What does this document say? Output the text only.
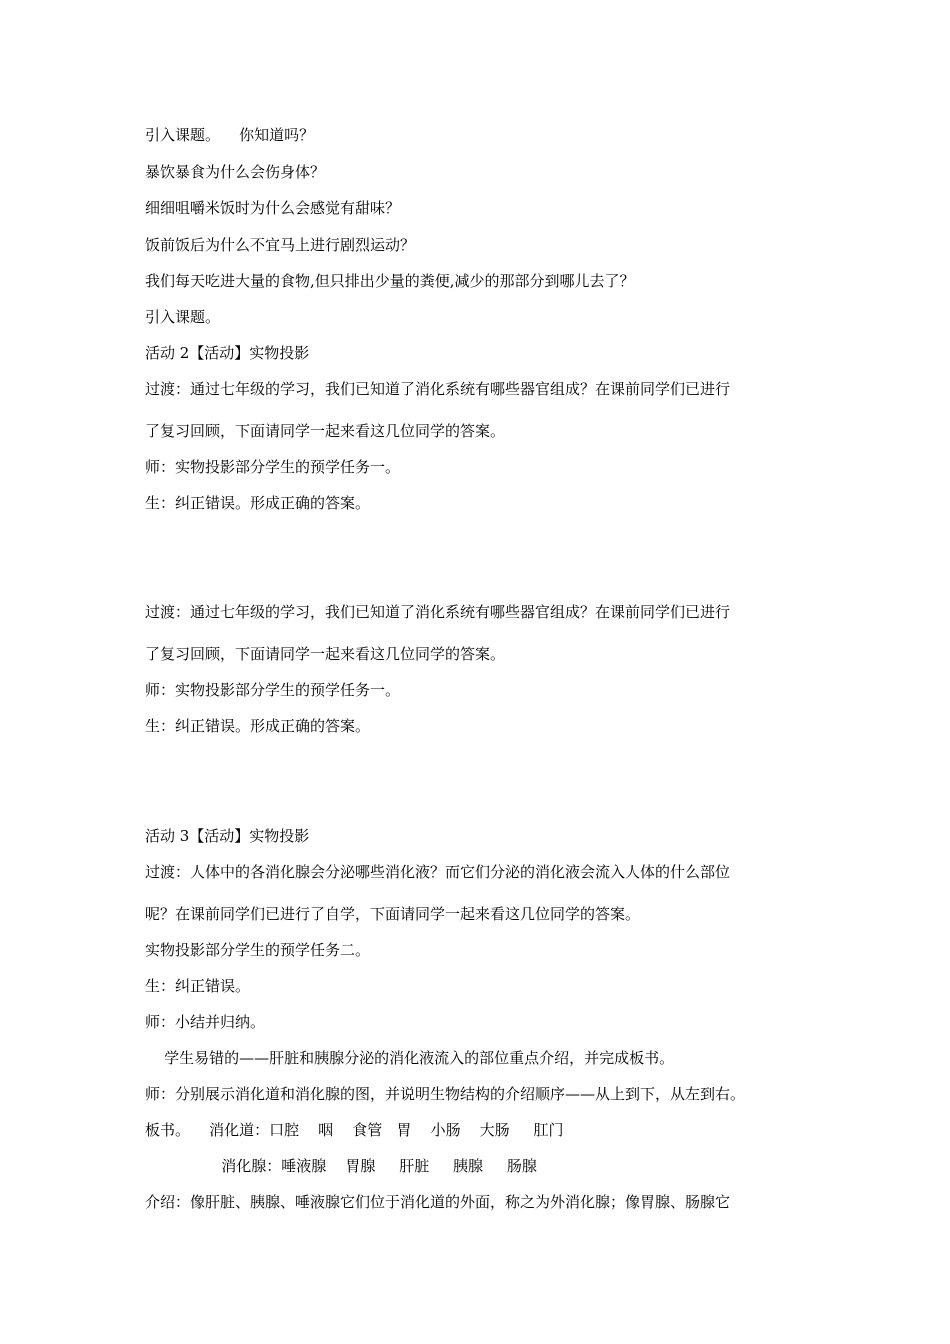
引入课题。    你知道吗？
暴饮暴食为什么会伤身体？
细细咀嚼米饭时为什么会感觉有甜味？
饭前饭后为什么不宜马上进行剧烈运动？
我们每天吃进大量的食物,但只排出少量的粪便,减少的那部分到哪儿去了？
引入课题。
活动 2【活动】实物投影
过渡：通过七年级的学习，我们已知道了消化系统有哪些器官组成？在课前同学们已进行
了复习回顾，下面请同学一起来看这几位同学的答案。
师：实物投影部分学生的预学任务一。
生：纠正错误。形成正确的答案。
过渡：通过七年级的学习，我们已知道了消化系统有哪些器官组成？在课前同学们已进行
了复习回顾，下面请同学一起来看这几位同学的答案。
师：实物投影部分学生的预学任务一。
生：纠正错误。形成正确的答案。
活动 3【活动】实物投影
过渡：人体中的各消化腺会分泌哪些消化液？而它们分泌的消化液会流入人体的什么部位
呢？在课前同学们已进行了自学，下面请同学一起来看这几位同学的答案。
实物投影部分学生的预学任务二。
生：纠正错误。
师：小结并归纳。
学生易错的——肝脏和胰腺分泌的消化液流入的部位重点介绍，并完成板书。
师：分别展示消化道和消化腺的图，并说明生物结构的介绍顺序——从上到下，从左到右。
板书。    消化道：口腔    咽    食管   胃    小肠    大肠     肛门
消化腺：唾液腺    胃腺     肝脏     胰腺     肠腺
介绍：像肝脏、胰腺、唾液腺它们位于消化道的外面，称之为外消化腺；像胃腺、肠腺它
